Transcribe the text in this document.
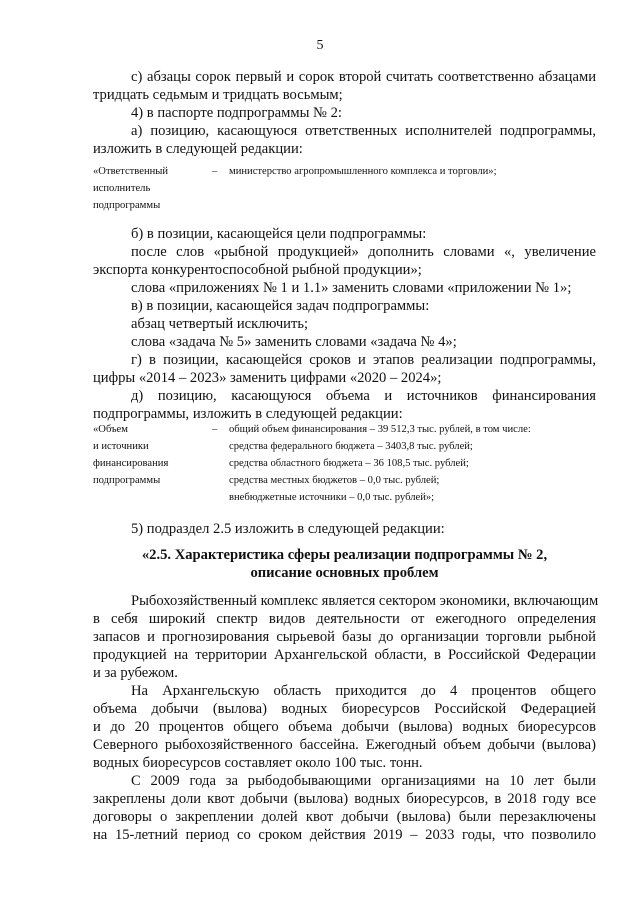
5
с) абзацы сорок первый и сорок второй считать соответственно абзацами
тридцать седьмым и тридцать восьмым;
4) в паспорте подпрограммы № 2:
а) позицию, касающуюся ответственных исполнителей подпрограммы,
изложить в следующей редакции:
«Ответственный
исполнитель
подпрограммы
– министерство агропромышленного комплекса и торговли»;
б) в позиции, касающейся цели подпрограммы:
после слов «рыбной продукцией» дополнить словами «, увеличение
экспорта конкурентоспособной рыбной продукции»;
слова «приложениях № 1 и 1.1» заменить словами «приложении № 1»;
в) в позиции, касающейся задач подпрограммы:
абзац четвертый исключить;
слова «задача № 5» заменить словами «задача № 4»;
г) в позиции, касающейся сроков и этапов реализации подпрограммы,
цифры «2014 – 2023» заменить цифрами «2020 – 2024»;
д) позицию, касающуюся объема и источников финансирования
подпрограммы, изложить в следующей редакции:
«Объем
и источники
финансирования
подпрограммы
– общий объем финансирования – 39 512,3 тыс. рублей, в том числе:
средства федерального бюджета – 3403,8 тыс. рублей;
средства областного бюджета – 36 108,5 тыс. рублей;
средства местных бюджетов – 0,0 тыс. рублей;
внебюджетные источники – 0,0 тыс. рублей»;
5) подраздел 2.5 изложить в следующей редакции:
«2.5. Характеристика сферы реализации подпрограммы № 2,
описание основных проблем
Рыбохозяйственный комплекс является сектором экономики, включающим
в себя широкий спектр видов деятельности от ежегодного определения
запасов и прогнозирования сырьевой базы до организации торговли рыбной
продукцией на территории Архангельской области, в Российской Федерации
и за рубежом.
На Архангельскую область приходится до 4 процентов общего
объема добычи (вылова) водных биоресурсов Российской Федерацией
и до 20 процентов общего объема добычи (вылова) водных биоресурсов
Северного рыбохозяйственного бассейна. Ежегодный объем добычи (вылова)
водных биоресурсов составляет около 100 тыс. тонн.
С 2009 года за рыбодобывающими организациями на 10 лет были
закреплены доли квот добычи (вылова) водных биоресурсов, в 2018 году все
договоры о закреплении долей квот добычи (вылова) были перезаключены
на 15-летний период со сроком действия 2019 – 2033 годы, что позволило
